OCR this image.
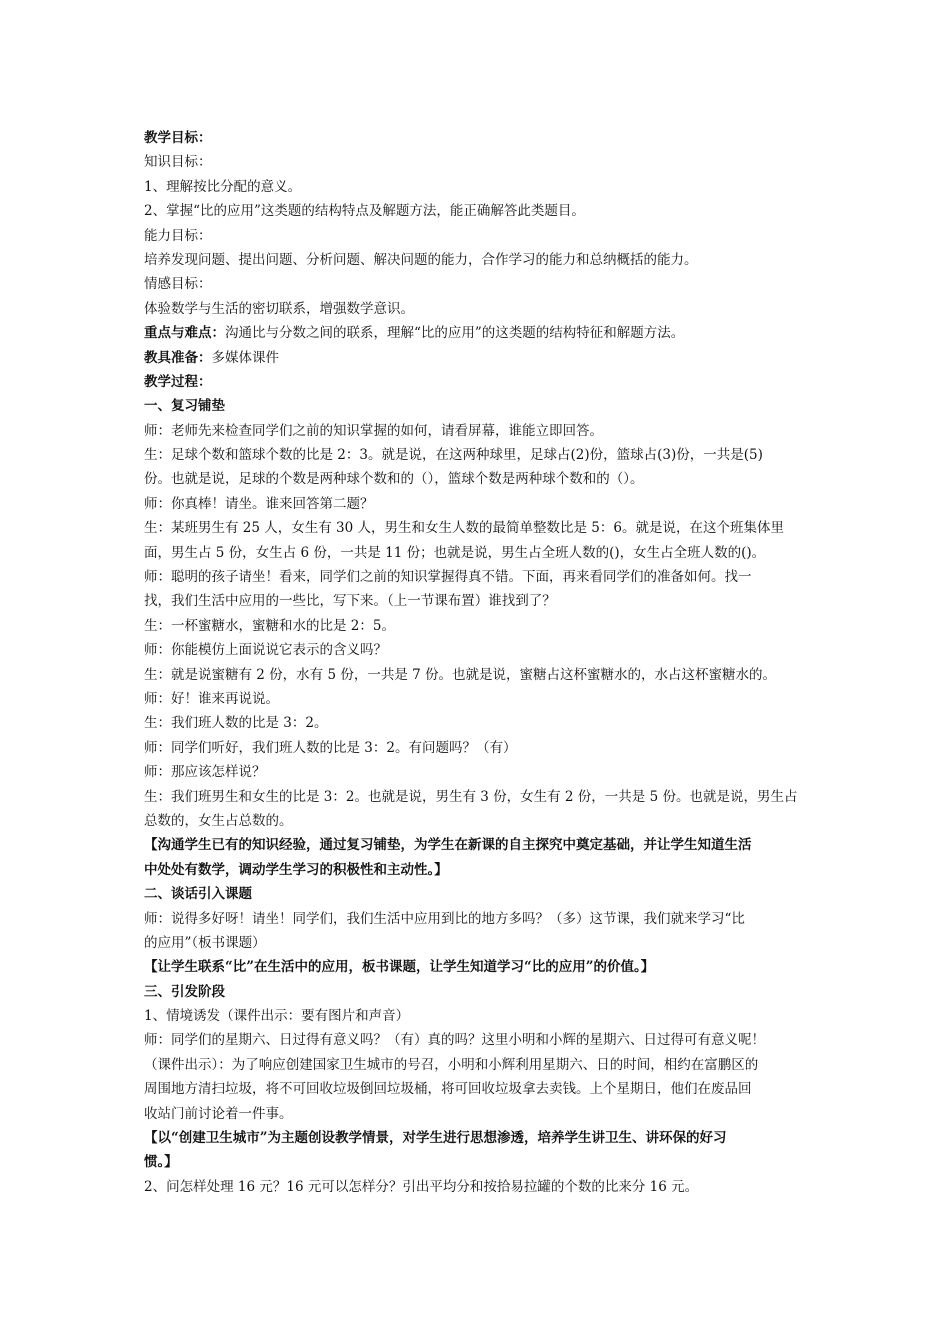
教学目标：

知识目标：

1、理解按比分配的意义。

2、掌握“比的应用”这类题的结构特点及解题方法，能正确解答此类题目。

能力目标：

培养发现问题、提出问题、分析问题、解决问题的能力，合作学习的能力和总纳概括的能力。

情感目标：

体验数学与生活的密切联系，增强数学意识。

重点与难点：沟通比与分数之间的联系，理解“比的应用”的这类题的结构特征和解题方法。

教具准备：多媒体课件

教学过程：

一、复习铺垫

师：老师先来检查同学们之前的知识掌握的如何，请看屏幕，谁能立即回答。

生：足球个数和篮球个数的比是 2：3。就是说，在这两种球里，足球占(2)份，篮球占(3)份，一共是(5)

份。也就是说，足球的个数是两种球个数和的（），篮球个数是两种球个数和的（）。

师：你真棒！请坐。谁来回答第二题？

生：某班男生有 25 人，女生有 30 人，男生和女生人数的最简单整数比是 5：6。就是说，在这个班集体里

面，男生占 5 份，女生占 6 份，一共是 11 份；也就是说，男生占全班人数的()，女生占全班人数的()。

师：聪明的孩子请坐！看来，同学们之前的知识掌握得真不错。下面，再来看同学们的准备如何。找一

找，我们生活中应用的一些比，写下来。（上一节课布置）谁找到了？

生：一杯蜜糖水，蜜糖和水的比是 2：5。

师：你能模仿上面说说它表示的含义吗？

生：就是说蜜糖有 2 份，水有 5 份，一共是 7 份。也就是说，蜜糖占这杯蜜糖水的，水占这杯蜜糖水的。

师：好！谁来再说说。

生：我们班人数的比是 3：2。

师：同学们听好，我们班人数的比是 3：2。有问题吗？（有）

师：那应该怎样说？

生：我们班男生和女生的比是 3：2。也就是说，男生有 3 份，女生有 2 份，一共是 5 份。也就是说，男生占

总数的，女生占总数的。

【沟通学生已有的知识经验，通过复习铺垫，为学生在新课的自主探究中奠定基础，并让学生知道生活

中处处有数学，调动学生学习的积极性和主动性。】

二、谈话引入课题

师：说得多好呀！请坐！同学们，我们生活中应用到比的地方多吗？（多）这节课，我们就来学习“比

的应用”（板书课题）

【让学生联系“比”在生活中的应用，板书课题，让学生知道学习“比的应用”的价值。】

三、引发阶段

1、情境诱发（课件出示：要有图片和声音）

师：同学们的星期六、日过得有意义吗？（有）真的吗？这里小明和小辉的星期六、日过得可有意义呢！

（课件出示）：为了响应创建国家卫生城市的号召，小明和小辉利用星期六、日的时间，相约在富鹏区的

周围地方清扫垃圾，将不可回收垃圾倒回垃圾桶，将可回收垃圾拿去卖钱。上个星期日，他们在废品回

收站门前讨论着一件事。

【以“创建卫生城市”为主题创设教学情景，对学生进行思想渗透，培养学生讲卫生、讲环保的好习

惯。】

2、问怎样处理 16 元？16 元可以怎样分？引出平均分和按拾易拉罐的个数的比来分 16 元。
